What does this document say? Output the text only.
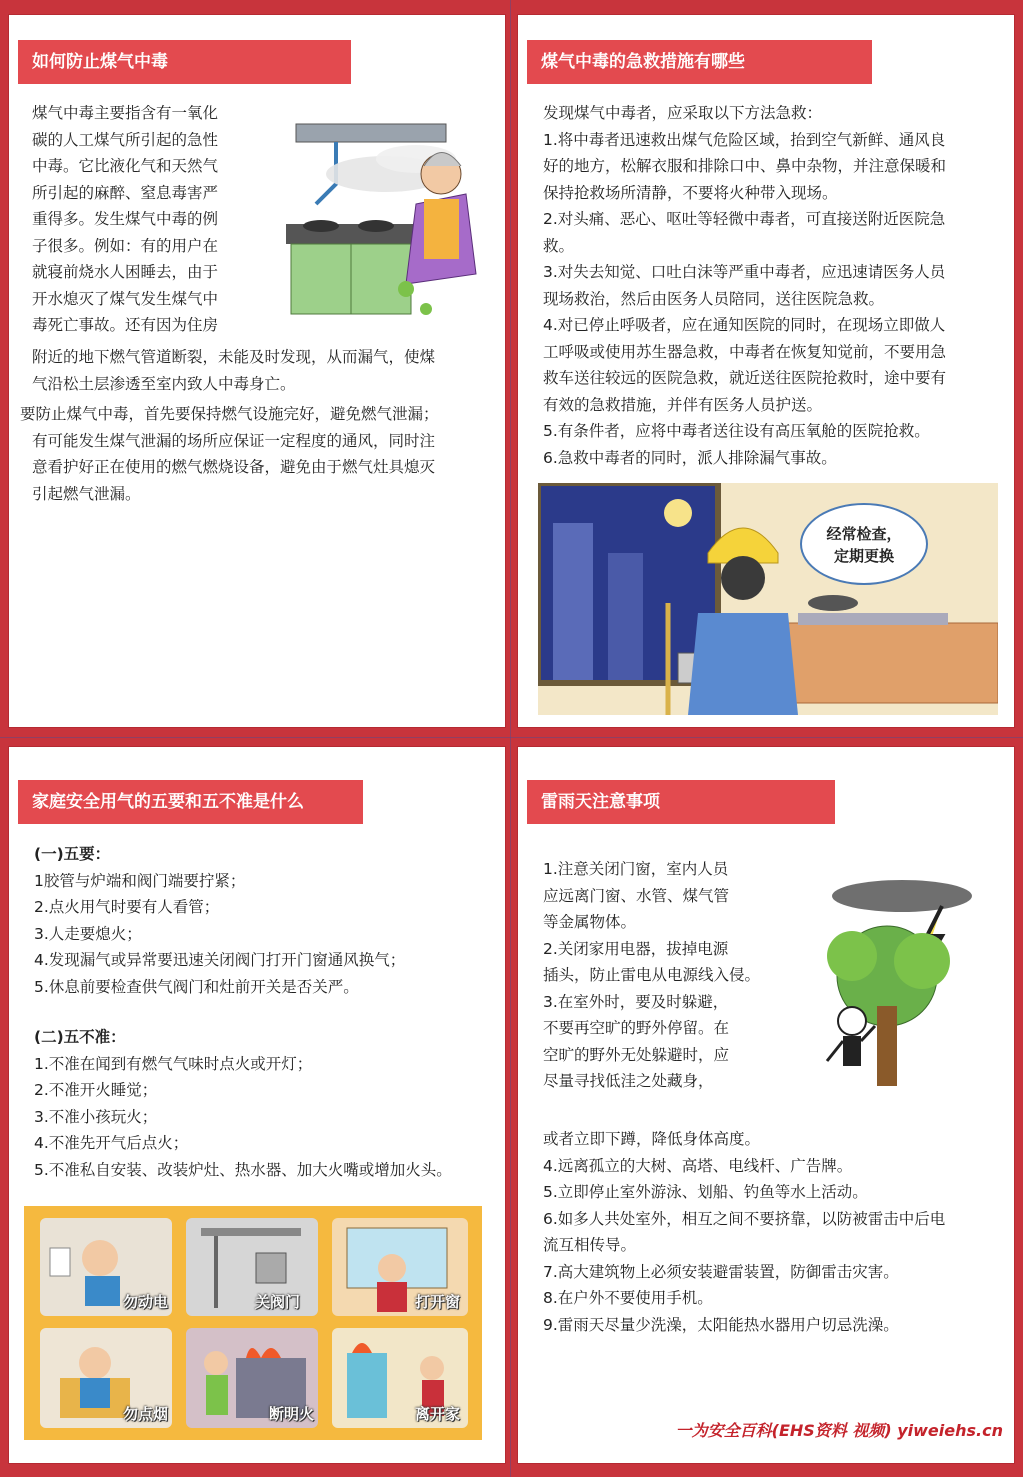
如何防止煤气中毒
煤气中毒主要指含有一氧化
碳的人工煤气所引起的急性
中毒。它比液化气和天然气
所引起的麻醉、窒息毒害严
重得多。发生煤气中毒的例
子很多。例如：有的用户在
就寝前烧水人困睡去，由于
开水熄灭了煤气发生煤气中
毒死亡事故。还有因为住房
附近的地下燃气管道断裂，未能及时发现，从而漏气，使煤
气沿松土层渗透至室内致人中毒身亡。
要防止煤气中毒，首先要保持燃气设施完好，避免燃气泄漏；
有可能发生煤气泄漏的场所应保证一定程度的通风，同时注
意看护好正在使用的燃气燃烧设备，避免由于燃气灶具熄灭
引起燃气泄漏。
煤气中毒的急救措施有哪些
发现煤气中毒者，应采取以下方法急救：
1.将中毒者迅速救出煤气危险区域，抬到空气新鲜、通风良
好的地方，松解衣服和排除口中、鼻中杂物，并注意保暖和
保持抢救场所清静，不要将火种带入现场。
2.对头痛、恶心、呕吐等轻微中毒者，可直接送附近医院急
救。
3.对失去知觉、口吐白沫等严重中毒者，应迅速请医务人员
现场救治，然后由医务人员陪同，送往医院急救。
4.对已停止呼吸者，应在通知医院的同时，在现场立即做人
工呼吸或使用苏生器急救，中毒者在恢复知觉前，不要用急
救车送往较远的医院急救，就近送往医院抢救时，途中要有
有效的急救措施，并伴有医务人员护送。
5.有条件者，应将中毒者送往设有高压氧舱的医院抢救。
6.急救中毒者的同时，派人排除漏气事故。
经常检查，
定期更换
家庭安全用气的五要和五不准是什么
(一)五要：
1胶管与炉端和阀门端要拧紧；
2.点火用气时要有人看管；
3.人走要熄火；
4.发现漏气或异常要迅速关闭阀门打开门窗通风换气；
5.休息前要检查供气阀门和灶前开关是否关严。
(二)五不准：
1.不准在闻到有燃气气味时点火或开灯；
2.不准开火睡觉；
3.不准小孩玩火；
4.不准先开气后点火；
5.不准私自安装、改装炉灶、热水器、加大火嘴或增加火头。
勿动电	关阀门	打开窗
勿点烟	断明火	离开家
雷雨天注意事项
1.注意关闭门窗，室内人员
应远离门窗、水管、煤气管
等金属物体。
2.关闭家用电器，拔掉电源
插头，防止雷电从电源线入侵。
3.在室外时，要及时躲避，
不要再空旷的野外停留。在
空旷的野外无处躲避时，应
尽量寻找低洼之处藏身，
或者立即下蹲，降低身体高度。
4.远离孤立的大树、高塔、电线杆、广告牌。
5.立即停止室外游泳、划船、钓鱼等水上活动。
6.如多人共处室外，相互之间不要挤靠，以防被雷击中后电
流互相传导。
7.高大建筑物上必须安装避雷装置，防御雷击灾害。
8.在户外不要使用手机。
9.雷雨天尽量少洗澡，太阳能热水器用户切忌洗澡。
一为安全百科(EHS资料 视频) yiweiehs.cn
